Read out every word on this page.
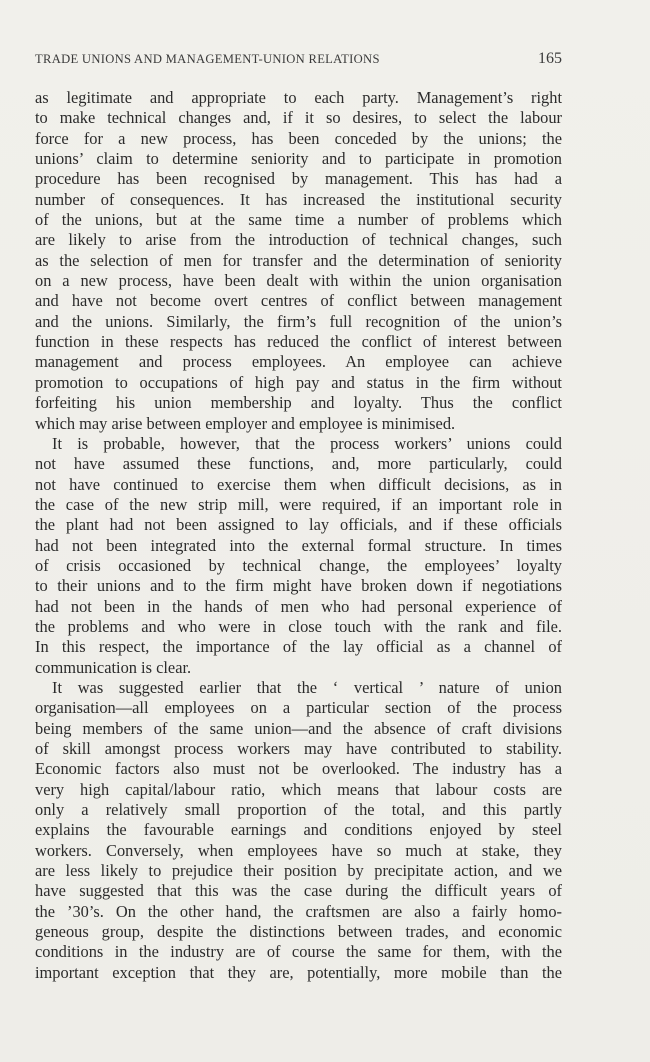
TRADE UNIONS AND MANAGEMENT-UNION RELATIONS	165
as legitimate and appropriate to each party. Management’s right
to make technical changes and, if it so desires, to select the labour
force for a new process, has been conceded by the unions; the
unions’ claim to determine seniority and to participate in promotion
procedure has been recognised by management. This has had a
number of consequences. It has increased the institutional security
of the unions, but at the same time a number of problems which
are likely to arise from the introduction of technical changes, such
as the selection of men for transfer and the determination of seniority
on a new process, have been dealt with within the union organisation
and have not become overt centres of conflict between management
and the unions. Similarly, the firm’s full recognition of the union’s
function in these respects has reduced the conflict of interest between
management and process employees. An employee can achieve
promotion to occupations of high pay and status in the firm without
forfeiting his union membership and loyalty. Thus the conflict
which may arise between employer and employee is minimised.
It is probable, however, that the process workers’ unions could
not have assumed these functions, and, more particularly, could
not have continued to exercise them when difficult decisions, as in
the case of the new strip mill, were required, if an important role in
the plant had not been assigned to lay officials, and if these officials
had not been integrated into the external formal structure. In times
of crisis occasioned by technical change, the employees’ loyalty
to their unions and to the firm might have broken down if negotiations
had not been in the hands of men who had personal experience of
the problems and who were in close touch with the rank and file.
In this respect, the importance of the lay official as a channel of
communication is clear.
It was suggested earlier that the ‘ vertical ’ nature of union
organisation—all employees on a particular section of the process
being members of the same union—and the absence of craft divisions
of skill amongst process workers may have contributed to stability.
Economic factors also must not be overlooked. The industry has a
very high capital/labour ratio, which means that labour costs are
only a relatively small proportion of the total, and this partly
explains the favourable earnings and conditions enjoyed by steel
workers. Conversely, when employees have so much at stake, they
are less likely to prejudice their position by precipitate action, and we
have suggested that this was the case during the difficult years of
the ’30’s. On the other hand, the craftsmen are also a fairly homo-
geneous group, despite the distinctions between trades, and economic
conditions in the industry are of course the same for them, with the
important exception that they are, potentially, more mobile than the
